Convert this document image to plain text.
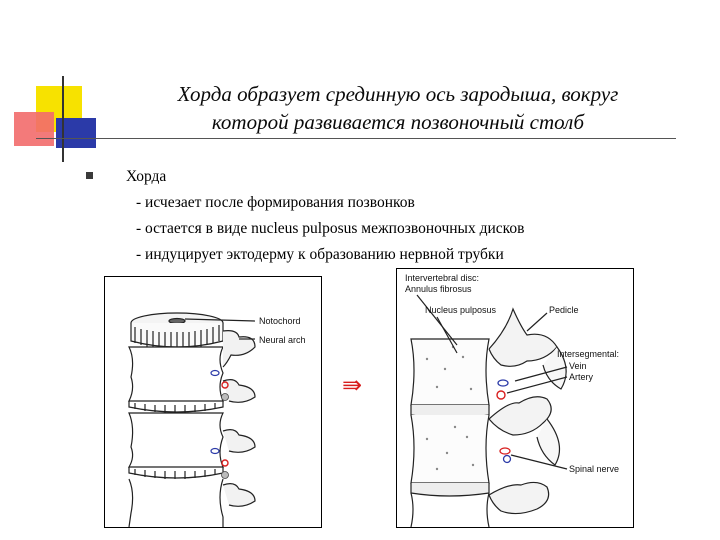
Хорда образует срединную ось зародыша, вокруг
которой развивается позвоночный столб
Хорда
- исчезает после формирования позвонков
- остается в виде nucleus pulposus межпозвоночных дисков
- индуцирует эктодерму к образованию нервной трубки
Notochord
Neural arch
⇛
Intervertebral disc:
Annulus fibrosus
Nucleus pulposus	Pedicle
Intersegmental:
Vein
Artery
Spinal nerve
